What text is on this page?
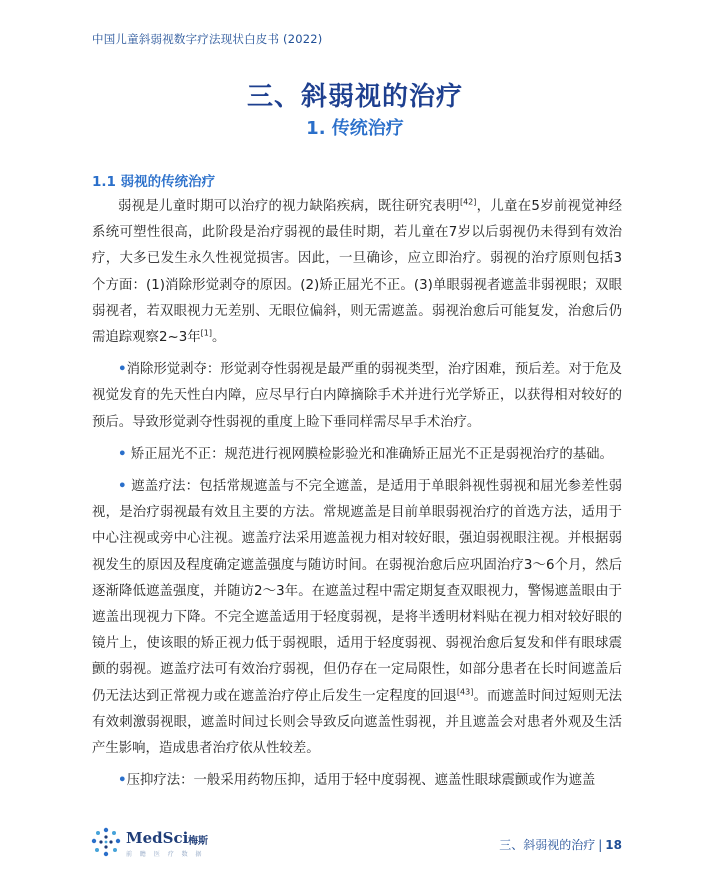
中国儿童斜弱视数字疗法现状白皮书 (2022)
三、斜弱视的治疗
1. 传统治疗
1.1 弱视的传统治疗

弱视是儿童时期可以治疗的视力缺陷疾病，既往研究表明[42]，儿童在5岁前视觉神经系统可塑性很高，此阶段是治疗弱视的最佳时期，若儿童在7岁以后弱视仍未得到有效治疗，大多已发生永久性视觉损害。因此，一旦确诊，应立即治疗。弱视的治疗原则包括3个方面：(1)消除形觉剥夺的原因。(2)矫正屈光不正。(3)单眼弱视者遮盖非弱视眼；双眼弱视者，若双眼视力无差别、无眼位偏斜，则无需遮盖。弱视治愈后可能复发，治愈后仍需追踪观察2~3年[1]。

•消除形觉剥夺：形觉剥夺性弱视是最严重的弱视类型，治疗困难，预后差。对于危及视觉发育的先天性白内障，应尽早行白内障摘除手术并进行光学矫正，以获得相对较好的预后。导致形觉剥夺性弱视的重度上睑下垂同样需尽早手术治疗。

• 矫正屈光不正：规范进行视网膜检影验光和准确矫正屈光不正是弱视治疗的基础。

• 遮盖疗法：包括常规遮盖与不完全遮盖，是适用于单眼斜视性弱视和屈光参差性弱视，是治疗弱视最有效且主要的方法。常规遮盖是目前单眼弱视治疗的首选方法，适用于中心注视或旁中心注视。遮盖疗法采用遮盖视力相对较好眼，强迫弱视眼注视。并根据弱视发生的原因及程度确定遮盖强度与随访时间。在弱视治愈后应巩固治疗3～6个月，然后逐渐降低遮盖强度，并随访2～3年。在遮盖过程中需定期复查双眼视力，警惕遮盖眼由于遮盖出现视力下降。不完全遮盖适用于轻度弱视，是将半透明材料贴在视力相对较好眼的镜片上，使该眼的矫正视力低于弱视眼，适用于轻度弱视、弱视治愈后复发和伴有眼球震颤的弱视。遮盖疗法可有效治疗弱视，但仍存在一定局限性，如部分患者在长时间遮盖后仍无法达到正常视力或在遮盖治疗停止后发生一定程度的回退[43]。而遮盖时间过短则无法有效刺激弱视眼，遮盖时间过长则会导致反向遮盖性弱视，并且遮盖会对患者外观及生活产生影响，造成患者治疗依从性较差。

•压抑疗法：一般采用药物压抑，适用于轻中度弱视、遮盖性眼球震颤或作为遮盖

MedSci 梅斯
前 瞻 医 疗 数 据
三、斜弱视的治疗 | 18
